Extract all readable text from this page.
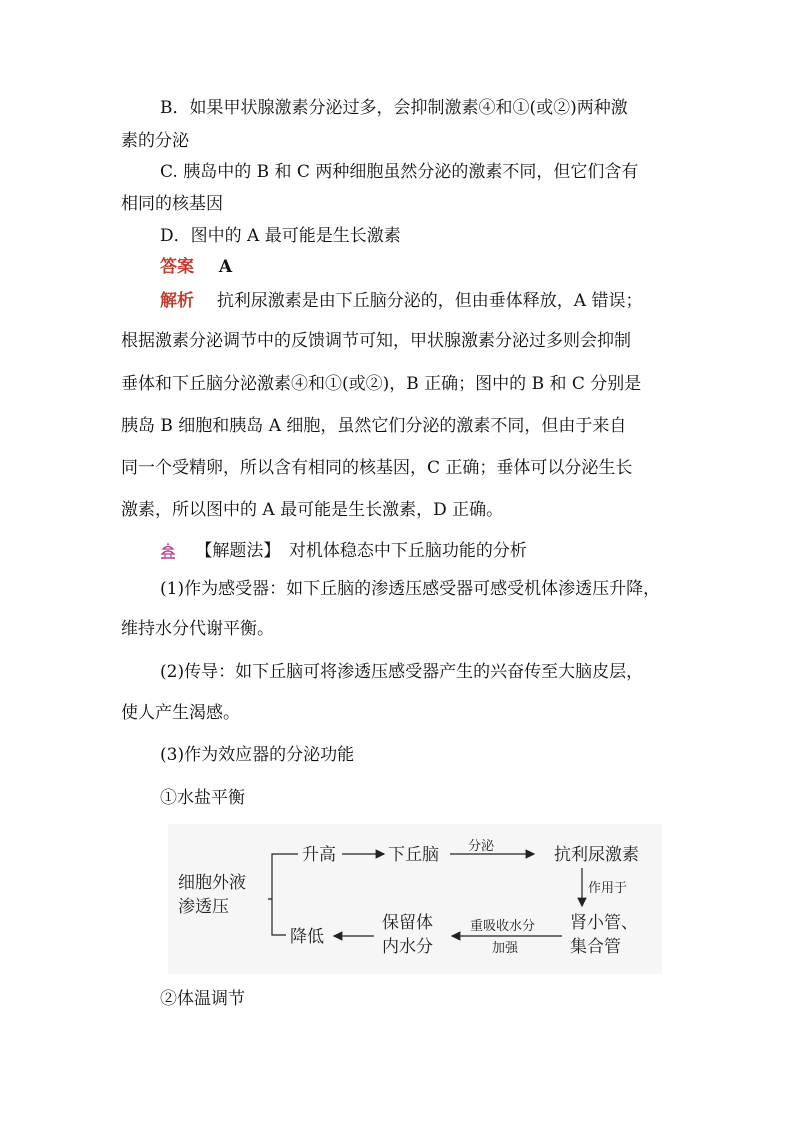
B．如果甲状腺激素分泌过多，会抑制激素④和①(或②)两种激
素的分泌
C. 胰岛中的 B 和 C 两种细胞虽然分泌的激素不同，但它们含有
相同的核基因
D．图中的 A 最可能是生长激素
答案 A
解析 抗利尿激素是由下丘脑分泌的，但由垂体释放，A 错误；
根据激素分泌调节中的反馈调节可知，甲状腺激素分泌过多则会抑制
垂体和下丘脑分泌激素④和①(或②)，B 正确；图中的 B 和 C 分别是
胰岛 B 细胞和胰岛 A 细胞，虽然它们分泌的激素不同，但由于来自
同一个受精卵，所以含有相同的核基因，C 正确；垂体可以分泌生长
激素，所以图中的 A 最可能是生长激素，D 正确。
【解题法】　对机体稳态中下丘脑功能的分析
(1)作为感受器：如下丘脑的渗透压感受器可感受机体渗透压升降，
维持水分代谢平衡。
(2)传导：如下丘脑可将渗透压感受器产生的兴奋传至大脑皮层，
使人产生渴感。
(3)作为效应器的分泌功能
①水盐平衡
细胞外液
渗透压
升高	下丘脑 分泌	抗利尿激素
作用于
肾小管、
集合管
重吸收水分
加强
保留体
内水分
降低
②体温调节
